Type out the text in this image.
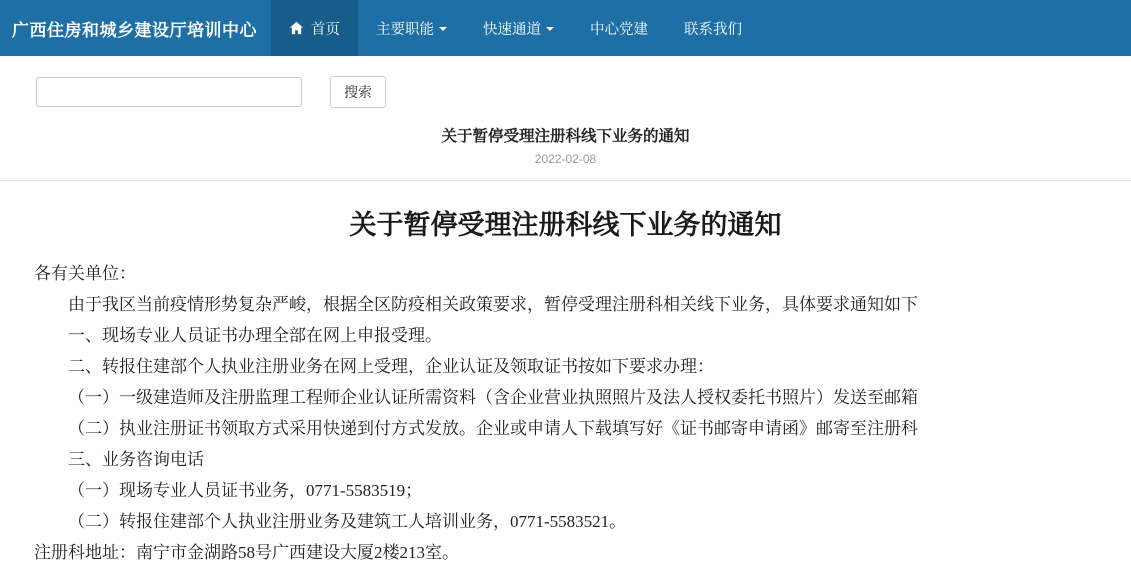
广西住房和城乡建设厅培训中心	首页 主要职能	快速通道	中心党建 联系我们
搜索
关于暂停受理注册科线下业务的通知
2022-02-08
关于暂停受理注册科线下业务的通知
各有关单位：
由于我区当前疫情形势复杂严峻，根据全区防疫相关政策要求，暂停受理注册科相关线下业务，具体要求通知如下
一、现场专业人员证书办理全部在网上申报受理。
二、转报住建部个人执业注册业务在网上受理，企业认证及领取证书按如下要求办理：
（一）一级建造师及注册监理工程师企业认证所需资料（含企业营业执照照片及法人授权委托书照片）发送至邮箱
（二）执业注册证书领取方式采用快递到付方式发放。企业或申请人下载填写好《证书邮寄申请函》邮寄至注册科
三、业务咨询电话
（一）现场专业人员证书业务，0771-5583519；
（二）转报住建部个人执业注册业务及建筑工人培训业务，0771-5583521。
注册科地址：南宁市金湖路58号广西建设大厦2楼213室。
